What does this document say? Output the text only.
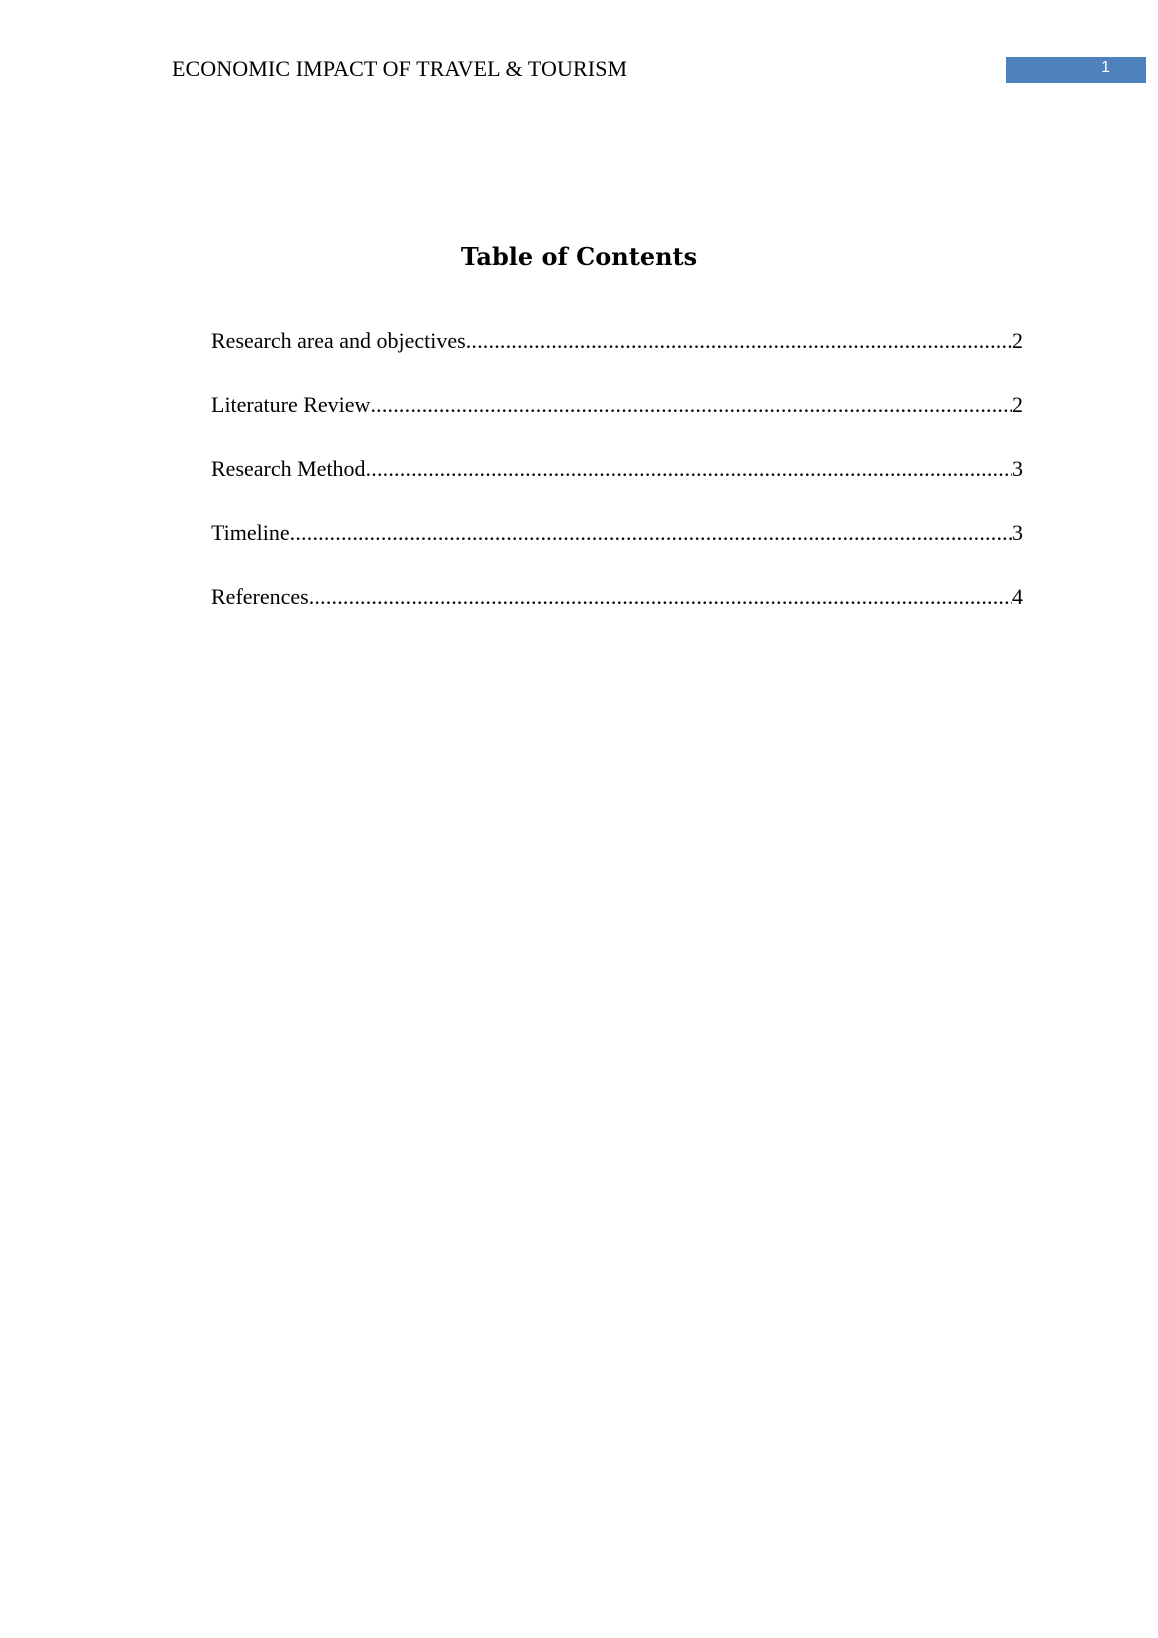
ECONOMIC IMPACT OF TRAVEL & TOURISM	1
Table of Contents
Research area and objectives .....	2
Literature Review .....	2
Research Method .....	3
Timeline .....	3
References .....	4
